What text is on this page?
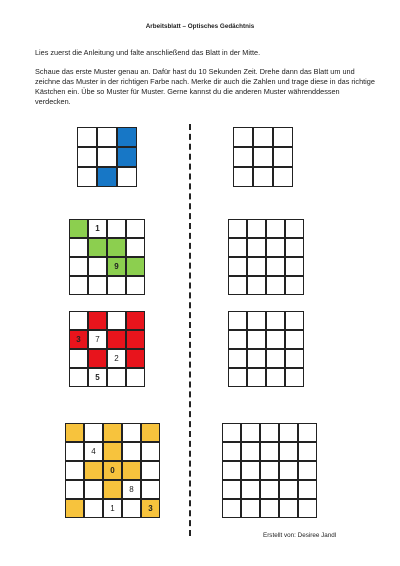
Arbeitsblatt – Optisches Gedächtnis

Lies zuerst die Anleitung und falte anschließend das Blatt in der Mitte.

Schaue das erste Muster genau an. Dafür hast du 10 Sekunden Zeit. Drehe dann das Blatt um und zeichne das Muster in der richtigen Farbe nach. Merke dir auch die Zahlen und trage diese in das richtige Kästchen ein. Übe so Muster für Muster. Gerne kannst du die anderen Muster währenddessen verdecken.

1
9
3	7
2
5
4
0
8
1	3
Erstellt von: Desiree Jandl
